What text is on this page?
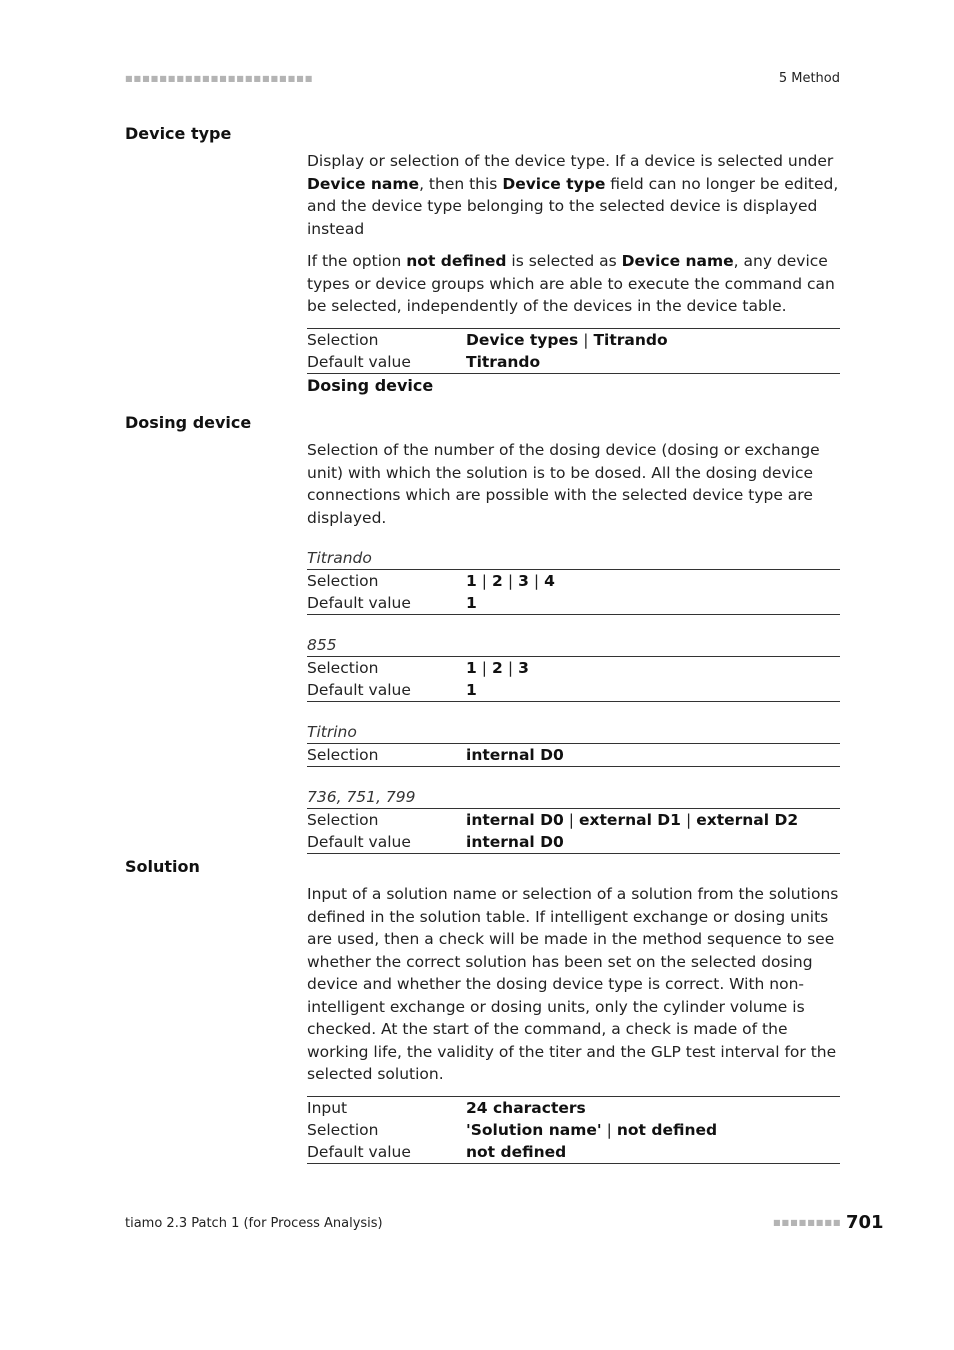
■■■■■■■■■■■■■■■■■■■■■■	5 Method
Device type

Display or selection of the device type. If a device is selected under Device name, then this Device type field can no longer be edited, and the device type belonging to the selected device is displayed instead

If the option not defined is selected as Device name, any device types or device groups which are able to execute the command can be selected, independently of the devices in the device table.

Selection	Device types | Titrando
Default value	Titrando
Dosing device
Dosing device

Selection of the number of the dosing device (dosing or exchange unit) with which the solution is to be dosed. All the dosing device connections which are possible with the selected device type are displayed.

Titrando
Selection	1 | 2 | 3 | 4
Default value	1
855
Selection	1 | 2 | 3
Default value	1
Titrino
Selection	internal D0
736, 751, 799
Selection	internal D0 | external D1 | external D2
Default value	internal D0
Solution

Input of a solution name or selection of a solution from the solutions defined in the solution table. If intelligent exchange or dosing units are used, then a check will be made in the method sequence to see whether the correct solution has been set on the selected dosing device and whether the dosing device type is correct. With non-intelligent exchange or dosing units, only the cylinder volume is checked. At the start of the command, a check is made of the working life, the validity of the titer and the GLP test interval for the selected solution.

Input	24 characters
Selection	'Solution name' | not defined
Default value	not defined
tiamo 2.3 Patch 1 (for Process Analysis)	■■■■■■■■ 701
